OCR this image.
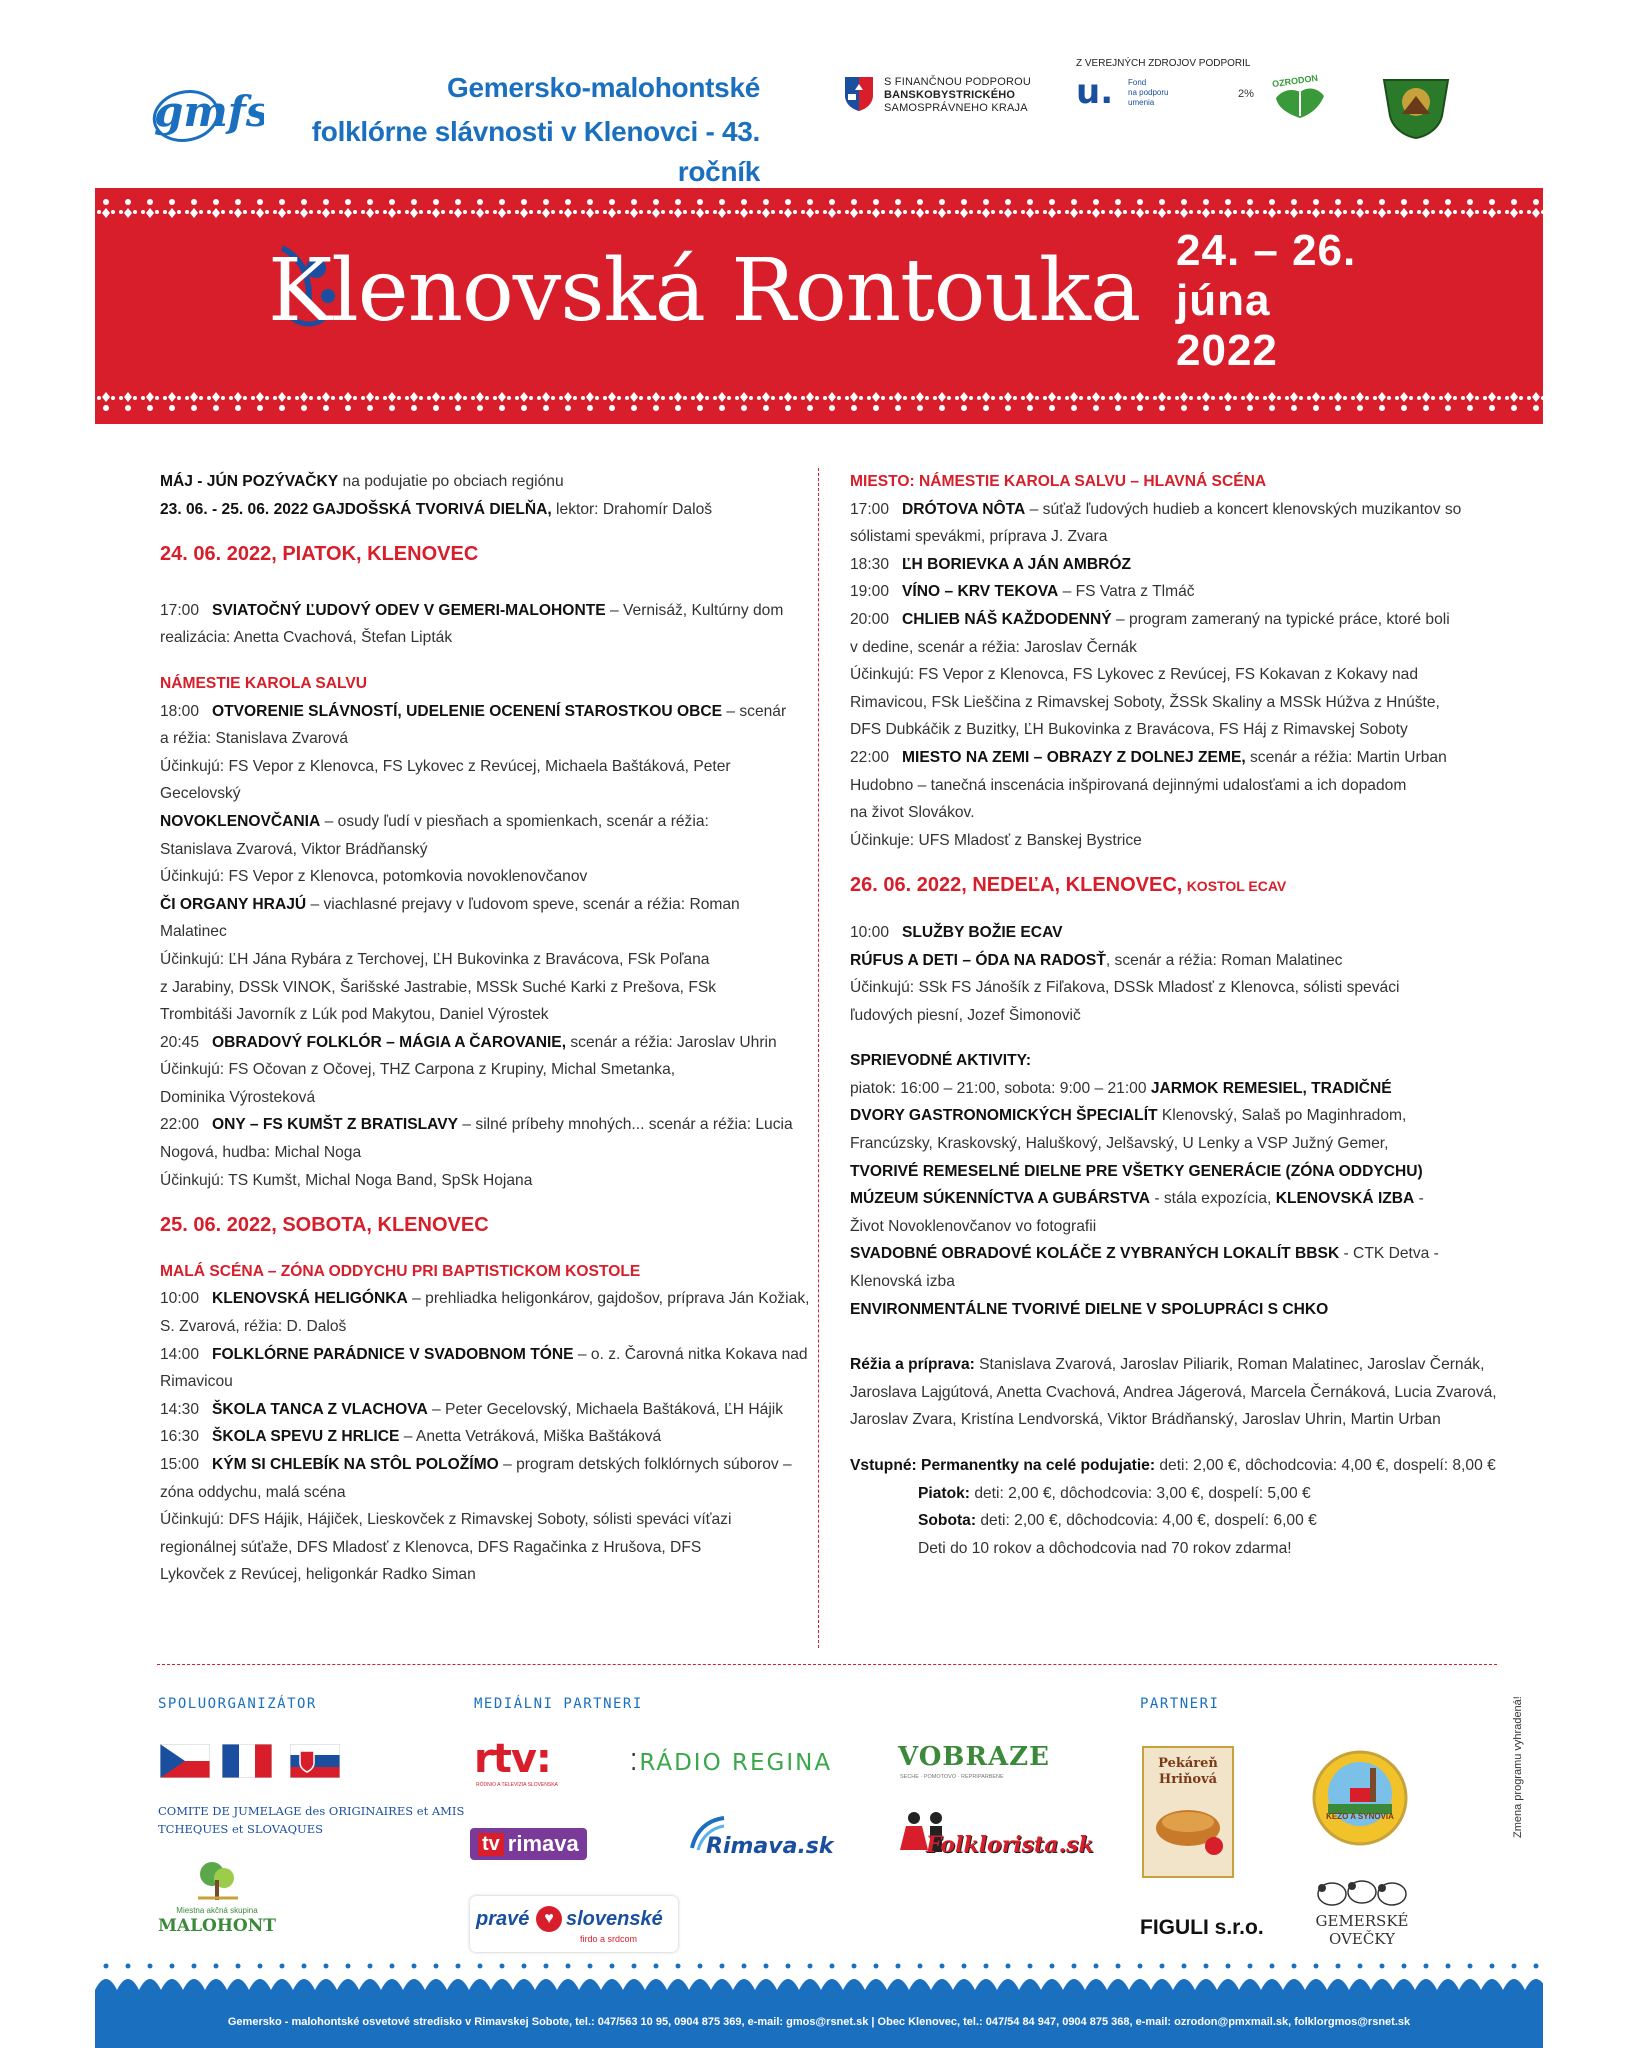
gmfs	Gemersko-malohontské
folklórne slávnosti v Klenovci - 43. ročník
S FINANČNOU PODPOROU
BANSKOBYSTRICKÉHO
SAMOSPRÁVNEHO KRAJA
Z VEREJNÝCH ZDROJOV PODPORIL
u. Fond
na podporu
umenia
2%
OZRODON
Klenovská Rontouka 24. – 26.
júna
2022

MÁJ - JÚN POZÝVAČKY na podujatie po obciach regiónu

23. 06. - 25. 06. 2022 GAJDOŠSKÁ TVORIVÁ DIELŇA, lektor: Drahomír Daloš

24. 06. 2022, PIATOK, KLENOVEC

17:00 SVIATOČNÝ ĽUDOVÝ ODEV V GEMERI-MALOHONTE – Vernisáž, Kultúrny dom

realizácia: Anetta Cvachová, Štefan Lipták

NÁMESTIE KAROLA SALVU

18:00 OTVORENIE SLÁVNOSTÍ, UDELENIE OCENENÍ STAROSTKOU OBCE – scenár

a réžia: Stanislava Zvarová

Účinkujú: FS Vepor z Klenovca, FS Lykovec z Revúcej, Michaela Baštáková, Peter

Gecelovský

NOVOKLENOVČANIA – osudy ľudí v piesňach a spomienkach, scenár a réžia:

Stanislava Zvarová, Viktor Brádňanský

Účinkujú: FS Vepor z Klenovca, potomkovia novoklenovčanov

ČI ORGANY HRAJÚ – viachlasné prejavy v ľudovom speve, scenár a réžia: Roman

Malatinec

Účinkujú: ĽH Jána Rybára z Terchovej, ĽH Bukovinka z Bravácova, FSk Poľana

z Jarabiny, DSSk VINOK, Šarišské Jastrabie, MSSk Suché Karki z Prešova, FSk

Trombitáši Javorník z Lúk pod Makytou, Daniel Výrostek

20:45 OBRADOVÝ FOLKLÓR – MÁGIA A ČAROVANIE, scenár a réžia: Jaroslav Uhrin

Účinkujú: FS Očovan z Očovej, THZ Carpona z Krupiny, Michal Smetanka,

Dominika Výrosteková

22:00 ONY – FS KUMŠT Z BRATISLAVY – silné príbehy mnohých... scenár a réžia: Lucia

Nogová, hudba: Michal Noga

Účinkujú: TS Kumšt, Michal Noga Band, SpSk Hojana

25. 06. 2022, SOBOTA, KLENOVEC

MALÁ SCÉNA – ZÓNA ODDYCHU PRI BAPTISTICKOM KOSTOLE

10:00 KLENOVSKÁ HELIGÓNKA – prehliadka heligonkárov, gajdošov, príprava Ján Kožiak,

S. Zvarová, réžia: D. Daloš

14:00 FOLKLÓRNE PARÁDNICE V SVADOBNOM TÓNE – o. z. Čarovná nitka Kokava nad

Rimavicou

14:30 ŠKOLA TANCA Z VLACHOVA – Peter Gecelovský, Michaela Baštáková, ĽH Hájik

16:30 ŠKOLA SPEVU Z HRLICE – Anetta Vetráková, Miška Baštáková

15:00 KÝM SI CHLEBÍK NA STÔL POLOŽÍMO – program detských folklórnych súborov –

zóna oddychu, malá scéna

Účinkujú: DFS Hájik, Hájiček, Lieskovček z Rimavskej Soboty, sólisti speváci víťazi

regionálnej súťaže, DFS Mladosť z Klenovca, DFS Ragačinka z Hrušova, DFS

Lykovček z Revúcej, heligonkár Radko Siman

MIESTO: NÁMESTIE KAROLA SALVU – HLAVNÁ SCÉNA

17:00 DRÓTOVA NÔTA – súťaž ľudových hudieb a koncert klenovských muzikantov so

sólistami spevákmi, príprava J. Zvara

18:30 ĽH BORIEVKA A JÁN AMBRÓZ

19:00 VÍNO – KRV TEKOVA – FS Vatra z Tlmáč

20:00 CHLIEB NÁŠ KAŽDODENNÝ – program zameraný na typické práce, ktoré boli

v dedine, scenár a réžia: Jaroslav Černák

Účinkujú: FS Vepor z Klenovca, FS Lykovec z Revúcej, FS Kokavan z Kokavy nad

Rimavicou, FSk Lieščina z Rimavskej Soboty, ŽSSk Skaliny a MSSk Húžva z Hnúšte,

DFS Dubkáčik z Buzitky, ĽH Bukovinka z Bravácova, FS Háj z Rimavskej Soboty

22:00 MIESTO NA ZEMI – OBRAZY Z DOLNEJ ZEME, scenár a réžia: Martin Urban

Hudobno – tanečná inscenácia inšpirovaná dejinnými udalosťami a ich dopadom

na život Slovákov.

Účinkuje: UFS Mladosť z Banskej Bystrice

26. 06. 2022, NEDEĽA, KLENOVEC, KOSTOL ECAV

10:00 SLUŽBY BOŽIE ECAV

RÚFUS A DETI – ÓDA NA RADOSŤ, scenár a réžia: Roman Malatinec

Účinkujú: SSk FS Jánošík z Fiľakova, DSSk Mladosť z Klenovca, sólisti speváci

ľudových piesní, Jozef Šimonovič

SPRIEVODNÉ AKTIVITY:

piatok: 16:00 – 21:00, sobota: 9:00 – 21:00 JARMOK REMESIEL, TRADIČNÉ

DVORY GASTRONOMICKÝCH ŠPECIALÍT Klenovský, Salaš po Maginhradom,

Francúzsky, Kraskovský, Haluškový, Jelšavský, U Lenky a VSP Južný Gemer,

TVORIVÉ REMESELNÉ DIELNE PRE VŠETKY GENERÁCIE (ZÓNA ODDYCHU)

MÚZEUM SÚKENNÍCTVA A GUBÁRSTVA - stála expozícia, KLENOVSKÁ IZBA -

Život Novoklenovčanov vo fotografii

SVADOBNÉ OBRADOVÉ KOLÁČE Z VYBRANÝCH LOKALÍT BBSK - CTK Detva -

Klenovská izba

ENVIRONMENTÁLNE TVORIVÉ DIELNE V SPOLUPRÁCI S CHKO

Réžia a príprava: Stanislava Zvarová, Jaroslav Piliarik, Roman Malatinec, Jaroslav Černák,

Jaroslava Lajgútová, Anetta Cvachová, Andrea Jágerová, Marcela Černáková, Lucia Zvarová,

Jaroslav Zvara, Kristína Lendvorská, Viktor Brádňanský, Jaroslav Uhrin, Martin Urban

Vstupné: Permanentky na celé podujatie: deti: 2,00 €, dôchodcovia: 4,00 €, dospelí: 8,00 €

Piatok: deti: 2,00 €, dôchodcovia: 3,00 €, dospelí: 5,00 €

Sobota: deti: 2,00 €, dôchodcovia: 4,00 €, dospelí: 6,00 €

Deti do 10 rokov a dôchodcovia nad 70 rokov zdarma!

SPOLUORGANIZÁTOR	MEDIÁLNI PARTNERI	PARTNERI
COMITE DE JUMELAGE des ORIGINAIRES et AMIS
TCHEQUES et SLOVAQUES
Miestna akčná skupina
MALOHONT
rtv:
RÓDNIO A TELEVÍZIA SLOVENSKA
⁚RÁDIO REGINA
tv rimava	Rimava.sk
pravé ♥ slovenské
firdo a srdcom
VOBRAZE
SECHE · POMOTOVO · REPRIPARBENE
Folklorista.sk
Pekáreň
Hriňová
FIGULI s.r.o.
KEZO A SYNOVIA
GEMERSKÉ OVEČKY
Zmena programu vyhradená!
Gemersko - malohontské osvetové stredisko v Rimavskej Sobote, tel.: 047/563 10 95, 0904 875 369, e-mail: gmos@rsnet.sk | Obec Klenovec, tel.: 047/54 84 947, 0904 875 368, e-mail: ozrodon@pmxmail.sk, folklorgmos@rsnet.sk
